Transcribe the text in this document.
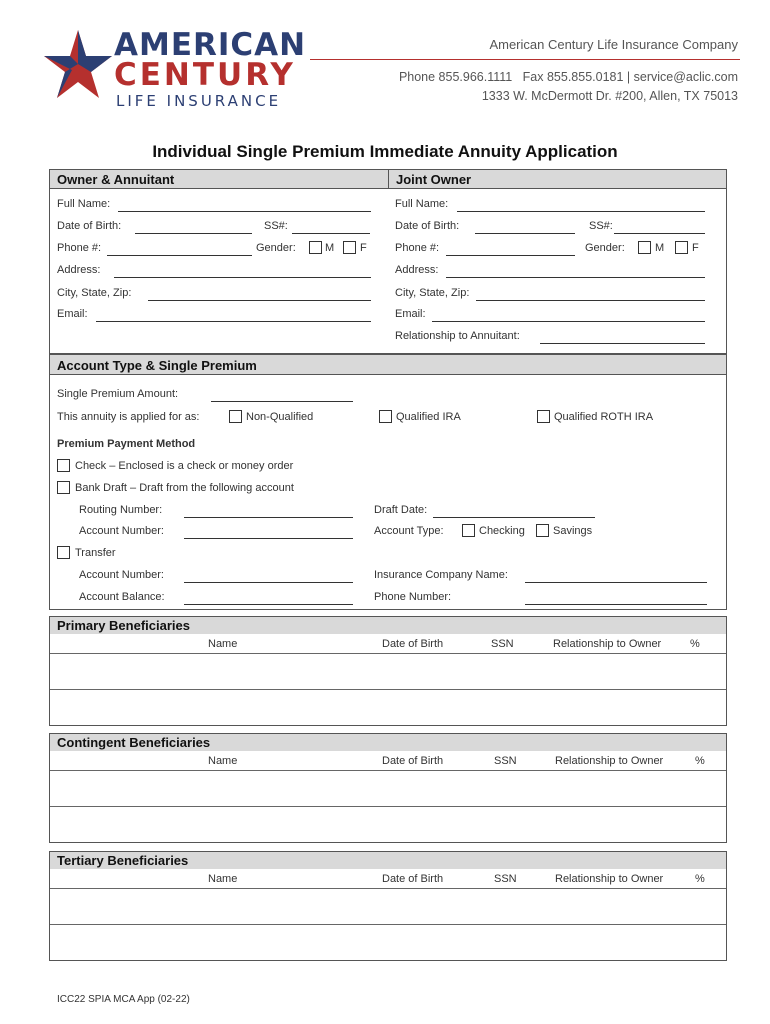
AMERICAN
CENTURY
LIFE INSURANCE
American Century Life Insurance Company
Phone 855.966.1111   Fax 855.855.0181 | service@aclic.com
1333 W. McDermott Dr. #200, Allen, TX 75013
Individual Single Premium Immediate Annuity Application
Owner & Annuitant	Joint Owner
Full Name:
Date of Birth:	SS#:
Phone #:	Gender:	M F
Address:
City, State, Zip:
Email:
Full Name:
Date of Birth:	SS#:
Phone #:	Gender:	M	F
Address:
City, State, Zip:
Email:
Relationship to Annuitant:
Account Type & Single Premium
Single Premium Amount:
This annuity is applied for as:	Non-Qualified	Qualified IRA	Qualified ROTH IRA
Premium Payment Method
Check – Enclosed is a check or money order
Bank Draft – Draft from the following account
Routing Number:	Draft Date:
Account Number:	Account Type:	Checking	Savings
Transfer
Account Number:	Insurance Company Name:
Account Balance:	Phone Number:
Primary Beneficiaries
Name	Date of Birth	SSN	Relationship to Owner	%
Contingent Beneficiaries
Name	Date of Birth	SSN	Relationship to Owner	%
Tertiary Beneficiaries
Name	Date of Birth	SSN	Relationship to Owner	%
ICC22 SPIA MCA App (02-22)
